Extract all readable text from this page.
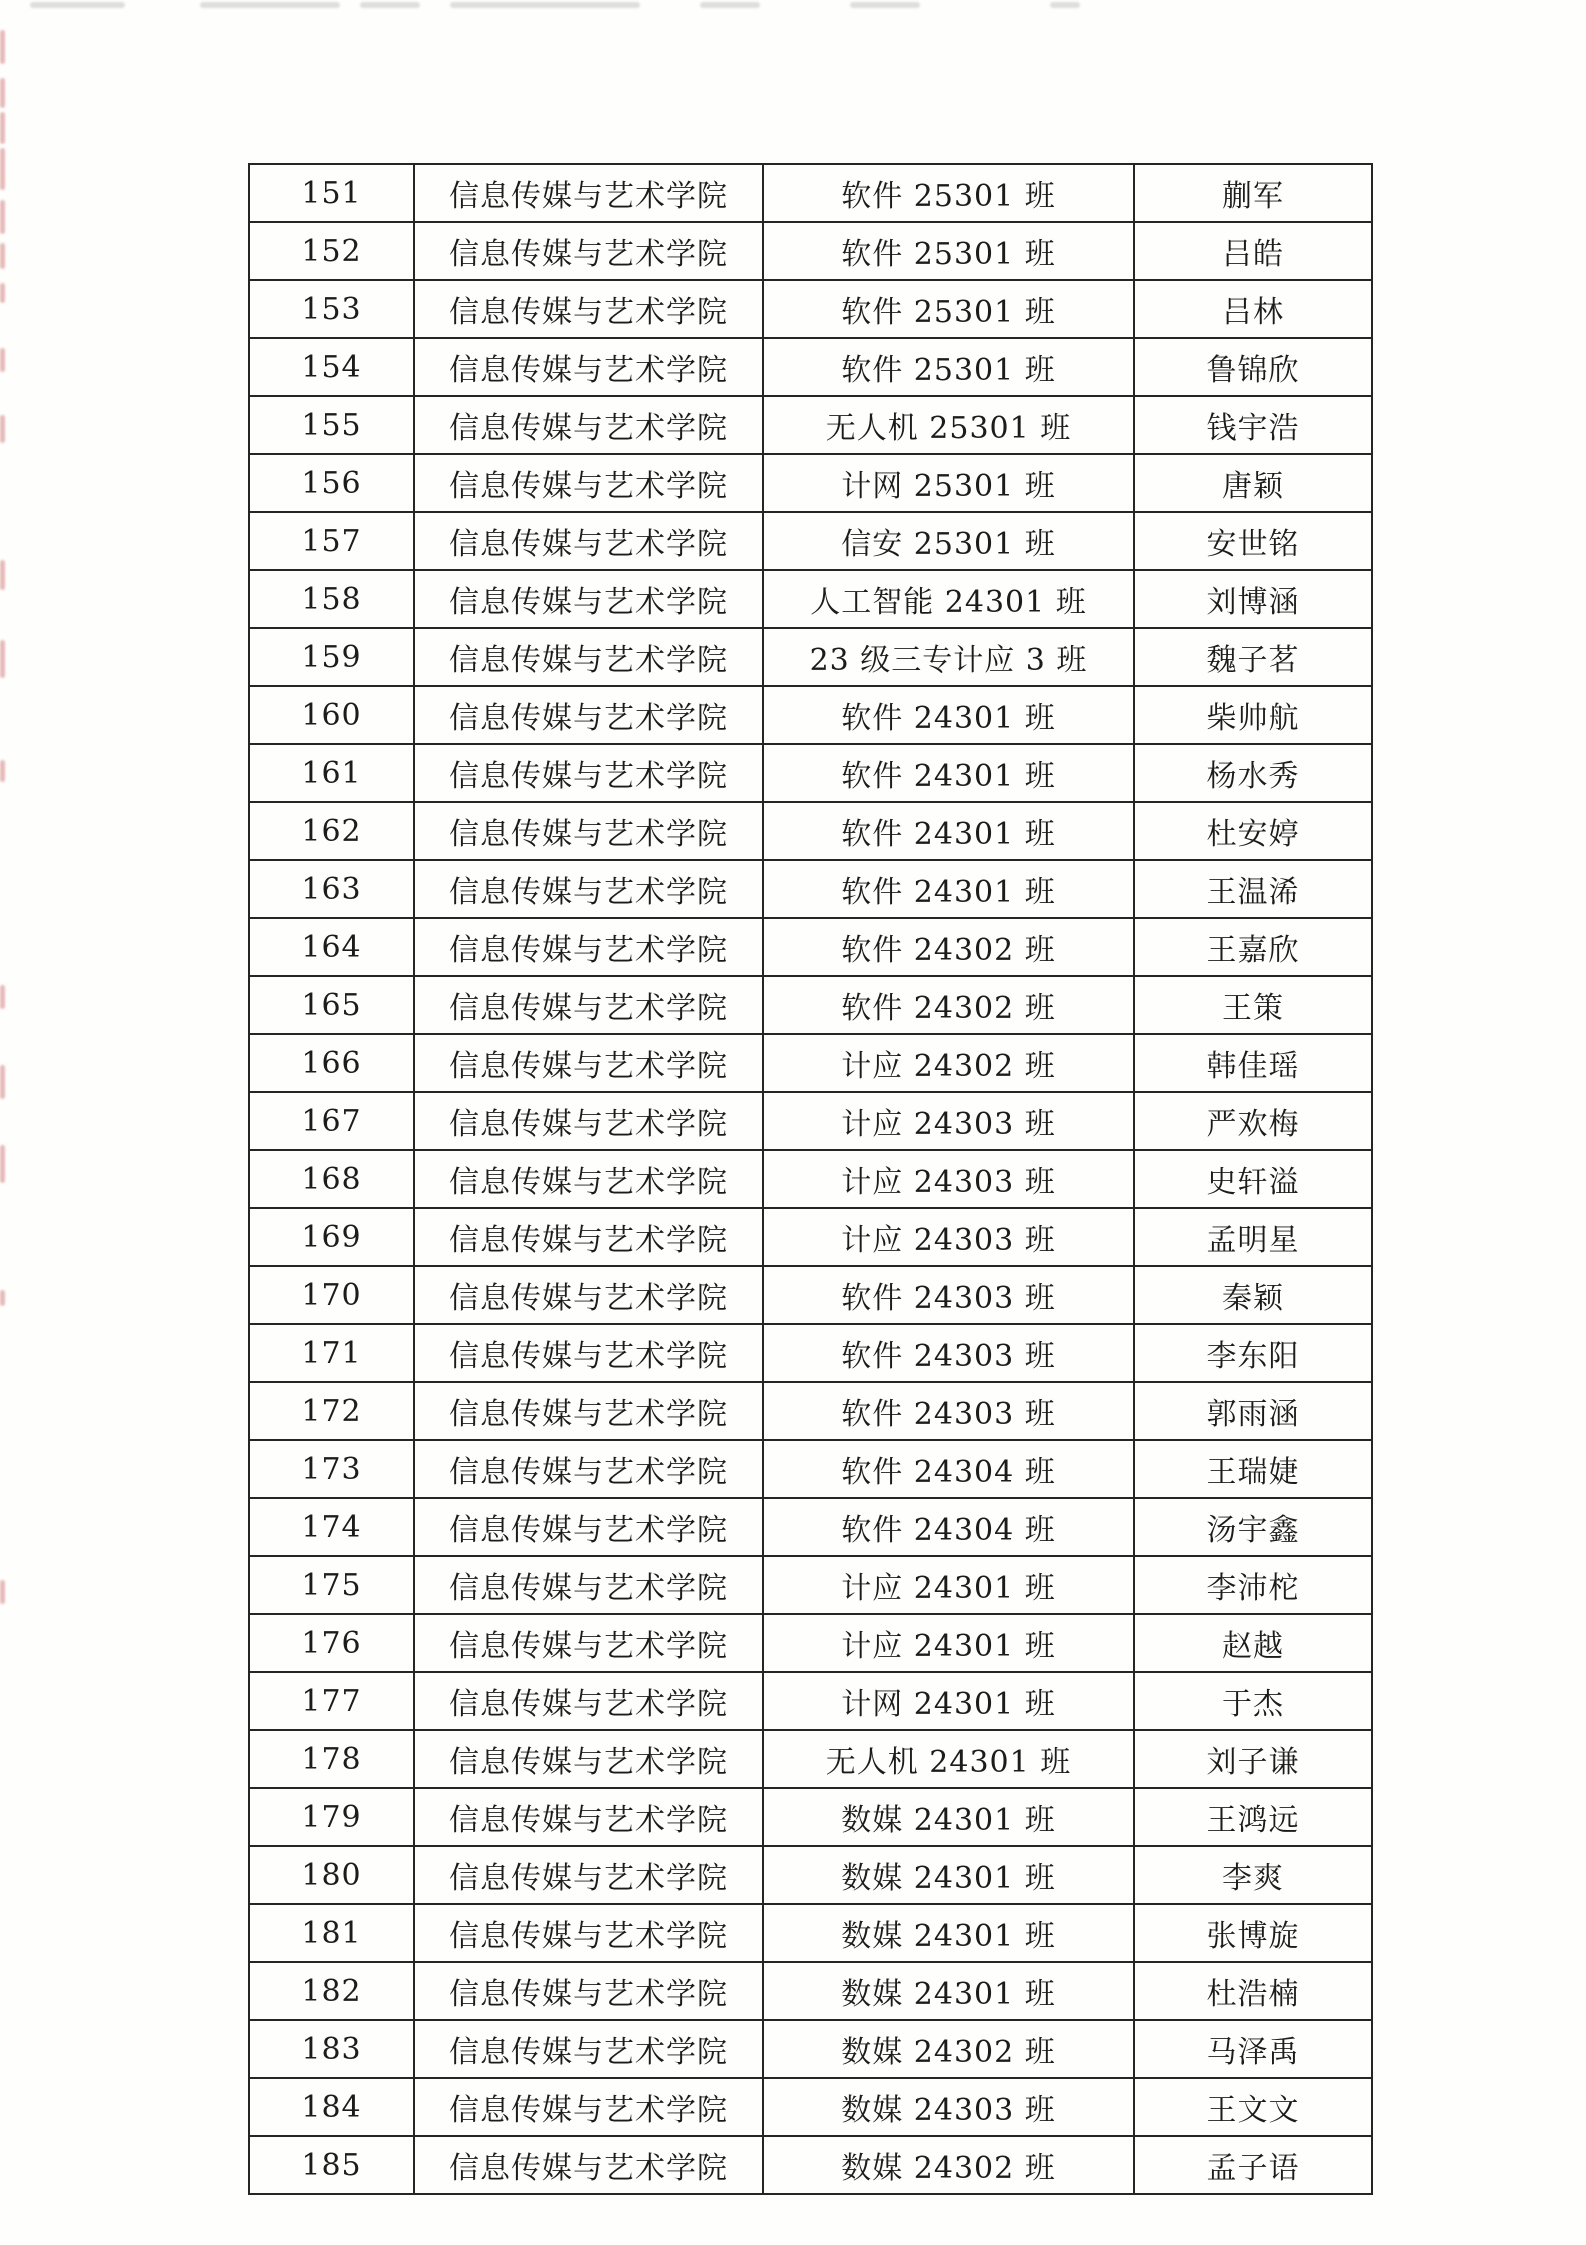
151	信息传媒与艺术学院	软件 25301 班	蒯军
152	信息传媒与艺术学院	软件 25301 班	吕皓
153	信息传媒与艺术学院	软件 25301 班	吕林
154	信息传媒与艺术学院	软件 25301 班	鲁锦欣
155	信息传媒与艺术学院	无人机 25301 班	钱宇浩
156	信息传媒与艺术学院	计网 25301 班	唐颖
157	信息传媒与艺术学院	信安 25301 班	安世铭
158	信息传媒与艺术学院	人工智能 24301 班	刘博涵
159	信息传媒与艺术学院	23 级三专计应 3 班	魏子茗
160	信息传媒与艺术学院	软件 24301 班	柴帅航
161	信息传媒与艺术学院	软件 24301 班	杨水秀
162	信息传媒与艺术学院	软件 24301 班	杜安婷
163	信息传媒与艺术学院	软件 24301 班	王温浠
164	信息传媒与艺术学院	软件 24302 班	王嘉欣
165	信息传媒与艺术学院	软件 24302 班	王策
166	信息传媒与艺术学院	计应 24302 班	韩佳瑶
167	信息传媒与艺术学院	计应 24303 班	严欢梅
168	信息传媒与艺术学院	计应 24303 班	史轩溢
169	信息传媒与艺术学院	计应 24303 班	孟明星
170	信息传媒与艺术学院	软件 24303 班	秦颖
171	信息传媒与艺术学院	软件 24303 班	李东阳
172	信息传媒与艺术学院	软件 24303 班	郭雨涵
173	信息传媒与艺术学院	软件 24304 班	王瑞婕
174	信息传媒与艺术学院	软件 24304 班	汤宇鑫
175	信息传媒与艺术学院	计应 24301 班	李沛柁
176	信息传媒与艺术学院	计应 24301 班	赵越
177	信息传媒与艺术学院	计网 24301 班	于杰
178	信息传媒与艺术学院	无人机 24301 班	刘子谦
179	信息传媒与艺术学院	数媒 24301 班	王鸿远
180	信息传媒与艺术学院	数媒 24301 班	李爽
181	信息传媒与艺术学院	数媒 24301 班	张博旋
182	信息传媒与艺术学院	数媒 24301 班	杜浩楠
183	信息传媒与艺术学院	数媒 24302 班	马泽禹
184	信息传媒与艺术学院	数媒 24303 班	王文文
185	信息传媒与艺术学院	数媒 24302 班	孟子语
